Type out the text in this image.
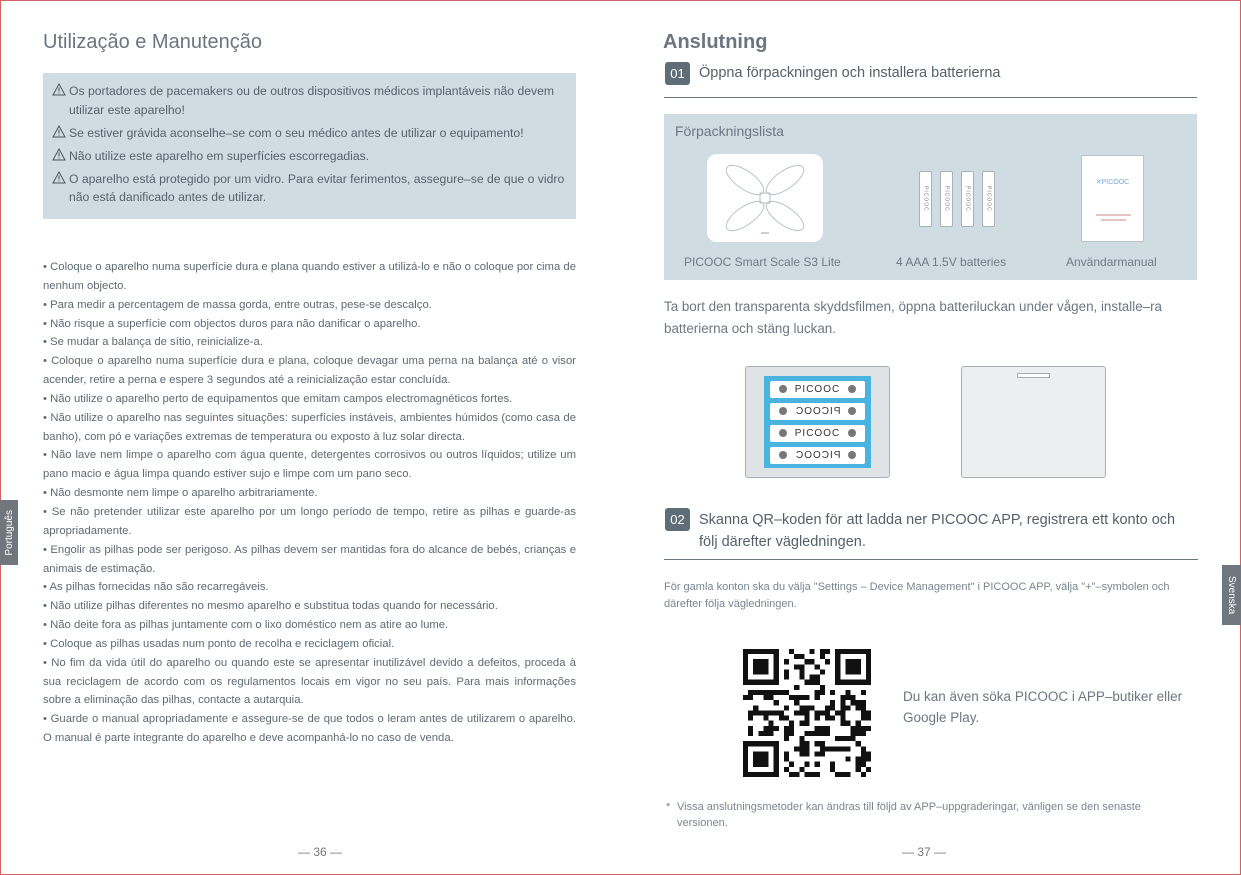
Utilização e Manutenção
Os portadores de pacemakers ou de outros dispositivos médicos implantáveis não devem utilizar este aparelho!
Se estiver grávida aconselhe–se com o seu médico antes de utilizar o equipamento!
Não utilize este aparelho em superfícies escorregadias.
O aparelho está protegido por um vidro. Para evitar ferimentos, assegure–se de que o vidro não está danificado antes de utilizar.

• Coloque o aparelho numa superfície dura e plana quando estiver a utilizá-lo e não o coloque por cima de nenhum objecto.

• Para medir a percentagem de massa gorda, entre outras, pese-se descalço.

• Não risque a superfície com objectos duros para não danificar o aparelho.

• Se mudar a balança de sítio, reinicialize-a.

• Coloque o aparelho numa superfície dura e plana, coloque devagar uma perna na balança até o visor acender, retire a perna e espere 3 segundos até a reinicialização estar concluída.

• Não utilize o aparelho perto de equipamentos que emitam campos electromagnéticos fortes.

• Não utilize o aparelho nas seguintes situações: superfícies instáveis, ambientes húmidos (como casa de banho), com pó e variações extremas de temperatura ou exposto à luz solar directa.

• Não lave nem limpe o aparelho com água quente, detergentes corrosivos ou outros líquidos; utilize um pano macio e água limpa quando estiver sujo e limpe com um pano seco.

• Não desmonte nem limpe o aparelho arbitrariamente.

• Se não pretender utilizar este aparelho por um longo período de tempo, retire as pilhas e guarde-as apropriadamente.

• Engolir as pilhas pode ser perigoso. As pilhas devem ser mantidas fora do alcance de bebés, crianças e animais de estimação.

• As pilhas fornecidas não são recarregáveis.

• Não utilize pilhas diferentes no mesmo aparelho e substitua todas quando for necessário.

• Não deite fora as pilhas juntamente com o lixo doméstico nem as atire ao lume.

• Coloque as pilhas usadas num ponto de recolha e reciclagem oficial.

• No fim da vida útil do aparelho ou quando este se apresentar inutilizável devido a defeitos, proceda à sua reciclagem de acordo com os regulamentos locais em vigor no seu país. Para mais informações sobre a eliminação das pilhas, contacte a autarquia.

• Guarde o manual apropriadamente e assegure-se de que todos o leram antes de utilizarem o aparelho. O manual é parte integrante do aparelho e deve acompanhá-lo no caso de venda.

— 36 —
Português
Anslutning
01 Öppna förpackningen och installera batterierna
Förpackningslista
PICOOC	PICOOC	PICOOC	PICOOC
✕PICOOC
PICOOC Smart Scale S3 Lite	4 AAA 1.5V batteries	Användarmanual

Ta bort den transparenta skyddsfilmen, öppna batteriluckan under vågen, installe–ra batterierna och stäng luckan.

PICOOC
PICOOC
PICOOC
PICOOC
02 Skanna QR–koden för att ladda ner PICOOC APP, registrera ett konto och följ därefter vägledningen.

För gamla konton ska du välja "Settings – Device Management" i PICOOC APP, välja "+"–symbolen och därefter följa vägledningen.

Du kan även söka PICOOC i APP–butiker eller Google Play.

* Vissa anslutningsmetoder kan ändras till följd av APP–uppgraderingar, vänligen se den senaste versionen.
— 37 —
Svenska
